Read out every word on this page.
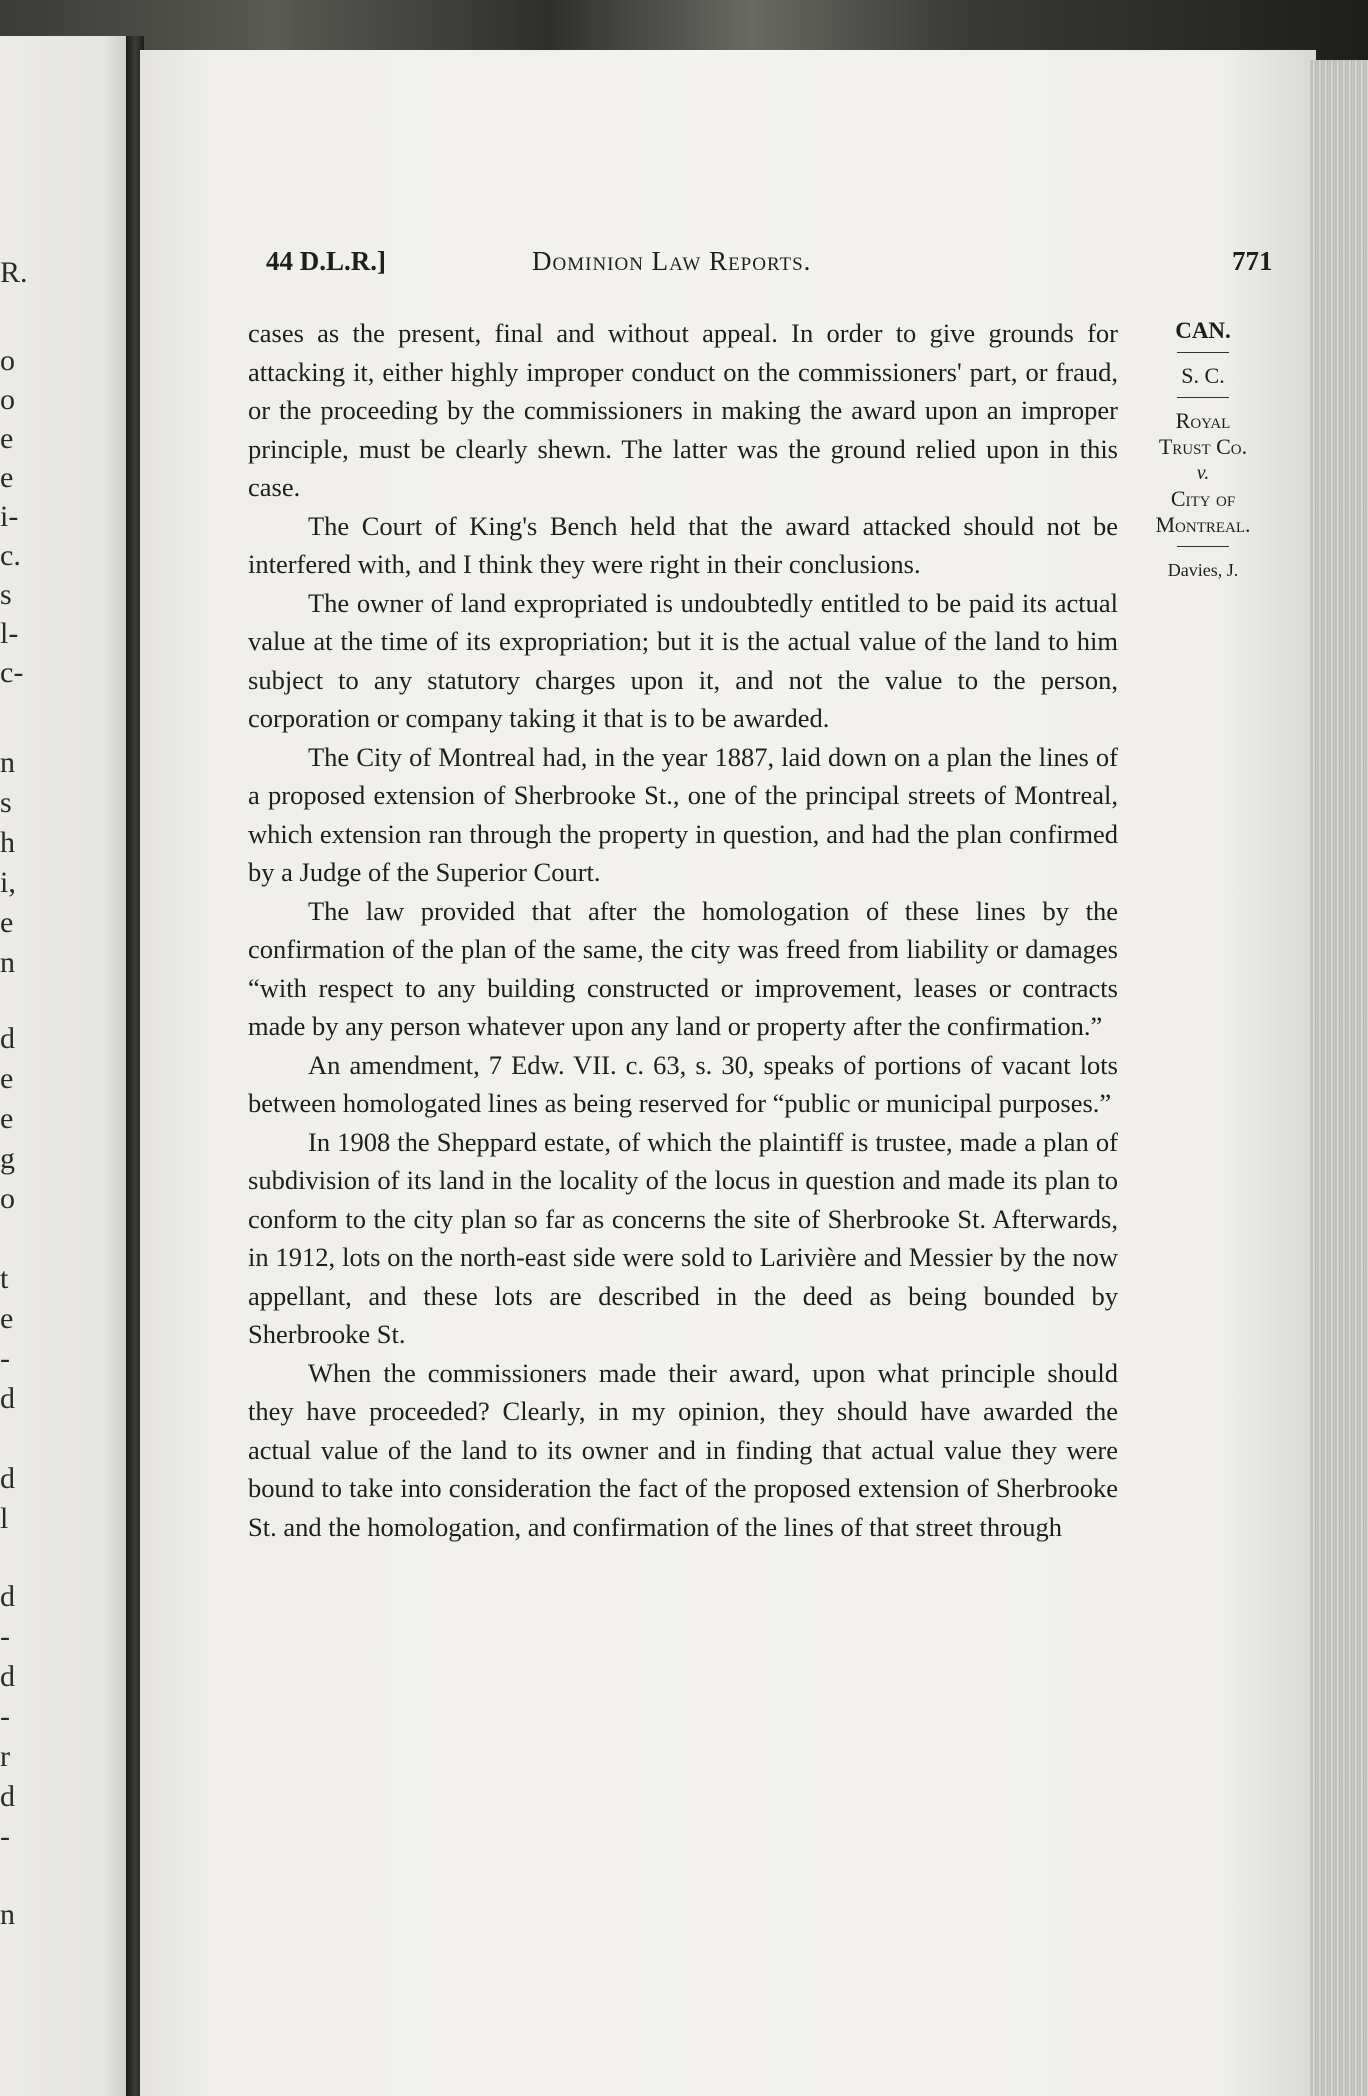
R.
o
o
e
e
i-
c.
s
l-
c-
n
s
h
i,
e
n
d
e
e
g
o
t
e
-
d
d
l
d
-
d
-
r
d
-
n
44 D.L.R.]	Dominion Law Reports.	771
CAN.
S. C.
Royal
Trust Co.
v.
City of
Montreal.
Davies, J.

cases as the present, final and without appeal. In order to give grounds for attacking it, either highly improper conduct on the commissioners' part, or fraud, or the proceeding by the commissioners in making the award upon an improper principle, must be clearly shewn. The latter was the ground relied upon in this case.

The Court of King's Bench held that the award attacked should not be interfered with, and I think they were right in their conclusions.

The owner of land expropriated is undoubtedly entitled to be paid its actual value at the time of its expropriation; but it is the actual value of the land to him subject to any statutory charges upon it, and not the value to the person, corporation or company taking it that is to be awarded.

The City of Montreal had, in the year 1887, laid down on a plan the lines of a proposed extension of Sherbrooke St., one of the principal streets of Montreal, which extension ran through the property in question, and had the plan confirmed by a Judge of the Superior Court.

The law provided that after the homologation of these lines by the confirmation of the plan of the same, the city was freed from liability or damages “with respect to any building constructed or improvement, leases or contracts made by any person whatever upon any land or property after the confirmation.”

An amendment, 7 Edw. VII. c. 63, s. 30, speaks of portions of vacant lots between homologated lines as being reserved for “public or municipal purposes.”

In 1908 the Sheppard estate, of which the plaintiff is trustee, made a plan of subdivision of its land in the locality of the locus in question and made its plan to conform to the city plan so far as concerns the site of Sherbrooke St. Afterwards, in 1912, lots on the north-east side were sold to Larivière and Messier by the now appellant, and these lots are described in the deed as being bounded by Sherbrooke St.

When the commissioners made their award, upon what principle should they have proceeded? Clearly, in my opinion, they should have awarded the actual value of the land to its owner and in finding that actual value they were bound to take into consideration the fact of the proposed extension of Sherbrooke St. and the homologation, and confirmation of the lines of that street through
